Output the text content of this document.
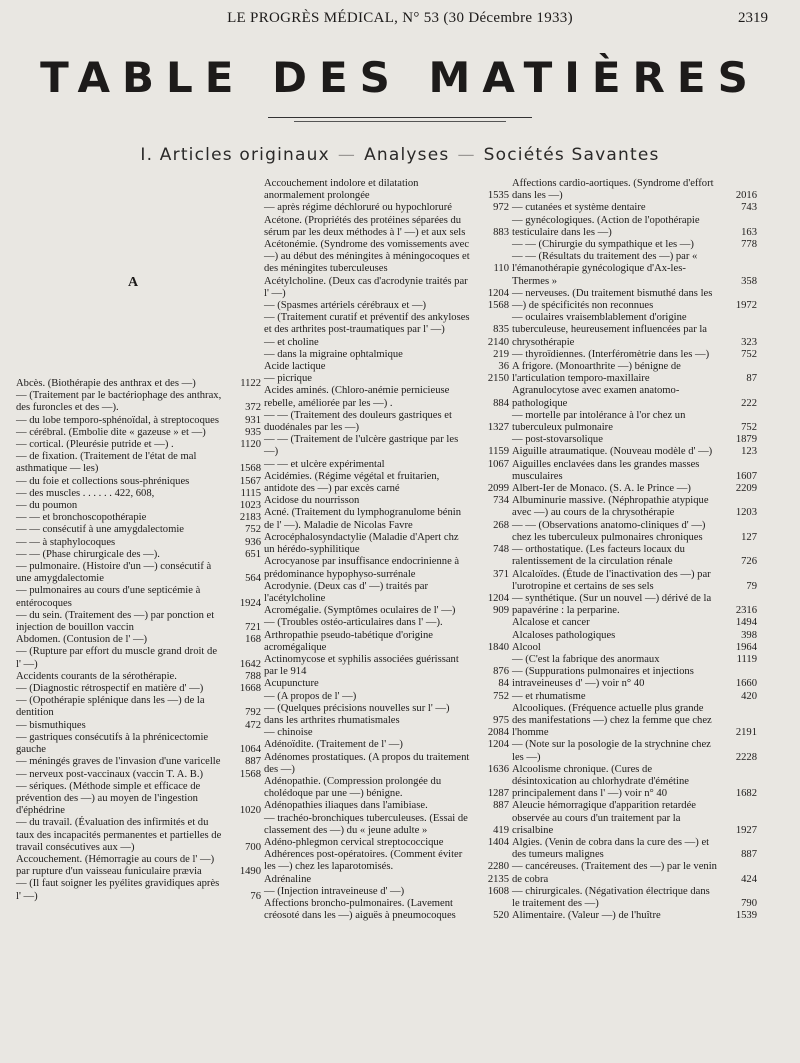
LE PROGRÈS MÉDICAL, N° 53 (30 Décembre 1933)	2319
TABLE DES MATIÈRES
I. Articles originaux — Analyses — Sociétés Savantes
A
Abcès. (Biothérapie des anthrax et des —)	1122
— (Traitement par le bactériophage des anthrax, des furoncles et des —).	372
— du lobe temporo-sphénoïdal, à streptocoques	931
— cérébral. (Embolie dite « gazeuse » et —)	935
— cortical. (Pleurésie putride et —) .	1120
— de fixation. (Traitement de l'état de mal asthmatique — les)	1568
— du foie et collections sous-phréniques	1567
— des muscles . . . . . . 422, 608,	1115
— du poumon	1023
— — et bronchoscopothérapie	2183
— — consécutif à une amygdalectomie	752
— — à staphylocoques	936
— — (Phase chirurgicale des —).	651
— pulmonaire. (Histoire d'un —) consécutif à une amygdalectomie	564
— pulmonaires au cours d'une septicémie à entérocoques	1924
— du sein. (Traitement des —) par ponction et injection de bouillon vaccin	721
Abdomen. (Contusion de l' —)	168
— (Rupture par effort du muscle grand droit de l' —)	1642
Accidents courants de la sérothérapie.	788
— (Diagnostic rétrospectif en matière d' —)	1668
— (Opothérapie splénique dans les —) de la dentition	792
— bismuthiques	472
— gastriques consécutifs à la phrénicectomie gauche	1064
— méningés graves de l'invasion d'une varicelle	887
— nerveux post-vaccinaux (vaccin T. A. B.)	1568
— sériques. (Méthode simple et efficace de prévention des —) au moyen de l'ingestion d'éphédrine	1020
— du travail. (Évaluation des infirmités et du taux des incapacités permanentes et partielles de travail consécutives aux —)	700
Accouchement. (Hémorragie au cours de l' —) par rupture d'un vaisseau funiculaire prævia	1490
— (Il faut soigner les pyélites gravidiques après l' —)	76
Accouchement indolore et dilatation anormalement prolongée	1535
— après régime déchloruré ou hypochloruré	972
Acétone. (Propriétés des protéines séparées du sérum par les deux méthodes à l' —) et aux sels	883
Acétonémie. (Syndrome des vomissements avec —) au début des méningites à méningocoques et des méningites tuberculeuses	110
Acétylcholine. (Deux cas d'acrodynie traités par l' —)	1204
— (Spasmes artériels cérébraux et —)	1568
— (Traitement curatif et préventif des ankyloses et des arthrites post-traumatiques par l' —)	835
— et choline	2140
— dans la migraine ophtalmique	219
Acide lactique	36
— picrique	2150
Acides aminés. (Chloro-anémie pernicieuse rebelle, améliorée par les —) .	884
— — (Traitement des douleurs gastriques et duodénales par les —)	1327
— — (Traitement de l'ulcère gastrique par les —)	1159
— — et ulcère expérimental	1067
Acidémies. (Régime végétal et fruitarien, antidote des —) par excès carné	2099
Acidose du nourrisson	734
Acné. (Traitement du lymphogranulome bénin de l' —). Maladie de Nicolas Favre	268
Acrocéphalosyndactylie (Maladie d'Apert chz un hérédo-syphilitique	748
Acrocyanose par insuffisance endocrinienne à prédominance hypophyso-surrénale	371
Acrodynie. (Deux cas d' —) traités par l'acétylcholine	1204
Acromégalie. (Symptômes oculaires de l' —)	909
— (Troubles ostéo-articulaires dans l' —). Arthropathie pseudo-tabétique d'origine acromégalique	1840
Actinomycose et syphilis associées guérissant par le 914	876
Acupuncture	84
— (A propos de l' —)	752
— (Quelques précisions nouvelles sur l' —) dans les arthrites rhumatismales	975
— chinoise	2084
Adénoïdite. (Traitement de l' —)	1204
Adénomes prostatiques. (A propos du traitement des —)	1636
Adénopathie. (Compression prolongée du cholédoque par une —) bénigne.	1287
Adénopathies iliaques dans l'amibiase.	887
— trachéo-bronchiques tuberculeuses. (Essai de classement des —) du « jeune adulte »	419
Adéno-phlegmon cervical streptococcique	1404
Adhérences post-opératoires. (Comment éviter les —) chez les laparotomisés.	2280
Adrénaline	2135
— (Injection intraveineuse d' —)	1608
Affections broncho-pulmonaires. (Lavement créosoté dans les —) aiguës à pneumocoques	520
Affections cardio-aortiques. (Syndrome d'effort dans les —)	2016
— cutanées et système dentaire	743
— gynécologiques. (Action de l'opothérapie testiculaire dans les —)	163
— — (Chirurgie du sympathique et les —)	778
— — (Résultats du traitement des —) par « l'émanothérapie gynécologique d'Ax-les-Thermes »	358
— nerveuses. (Du traitement bismuthé dans les —) de spécificités non reconnues	1972
— oculaires vraisemblablement d'origine tuberculeuse, heureusement influencées par la chrysothérapie	323
— thyroïdiennes. (Interféromètrie dans les —)	752
A frigore. (Monoarthrite —) bénigne de l'articulation temporo-maxillaire	87
Agranulocytose avec examen anatomo-pathologique	222
— mortelle par intolérance à l'or chez un tuberculeux pulmonaire	752
— post-stovarsolique	1879
Aiguille atraumatique. (Nouveau modèle d' —)	123
Aiguilles enclavées dans les grandes masses musculaires	1607
Albert-Ier de Monaco. (S. A. le Prince —)	2209
Albuminurie massive. (Néphropathie atypique avec —) au cours de la chrysothérapie	1203
— — (Observations anatomo-cliniques d' —) chez les tuberculeux pulmonaires chroniques	127
— orthostatique. (Les facteurs locaux du ralentissement de la circulation rénale	726
Alcaloïdes. (Étude de l'inactivation des —) par l'urotropine et certains de ses sels	79
— synthétique. (Sur un nouvel —) dérivé de la papavérine : la perparine.	2316
Alcalose et cancer	1494
Alcaloses pathologiques	398
Alcool	1964
— (C'est la fabrique des anormaux	1119
— (Suppurations pulmonaires et injections intraveineuses d' —) voir n° 40	1660
— et rhumatisme	420
Alcooliques. (Fréquence actuelle plus grande des manifestations —) chez la femme que chez l'homme	2191
— (Note sur la posologie de la strychnine chez les —)	2228
Alcoolisme chronique. (Cures de désintoxication au chlorhydrate d'émétine principalement dans l' —) voir n° 40	1682
Aleucie hémorragique d'apparition retardée observée au cours d'un traitement par la crisalbine	1927
Algies. (Venin de cobra dans la cure des —) et des tumeurs malignes	887
— cancéreuses. (Traitement des —) par le venin de cobra	424
— chirurgicales. (Négativation électrique dans le traitement des —)	790
Alimentaire. (Valeur —) de l'huître	1539
